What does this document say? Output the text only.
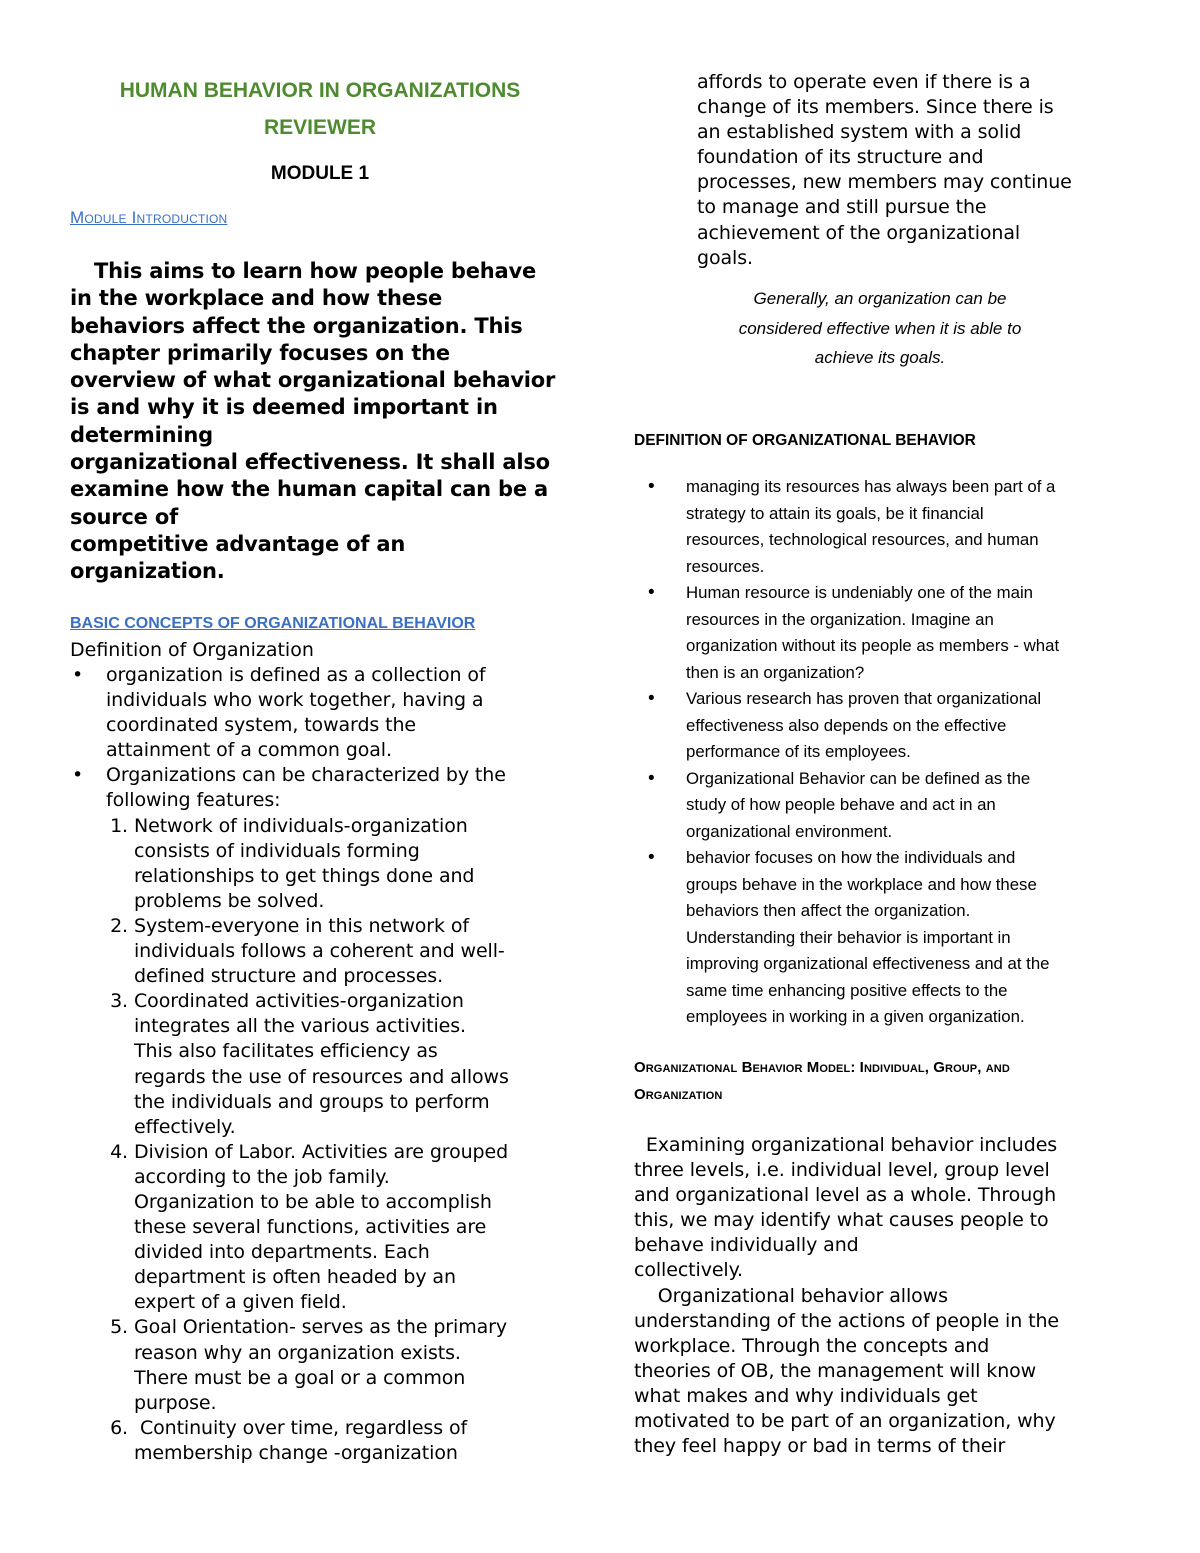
HUMAN BEHAVIOR IN ORGANIZATIONS
REVIEWER
MODULE 1
Module Introduction

This aims to learn how people behave

in the workplace and how these

behaviors affect the organization. This

chapter primarily focuses on the

overview of what organizational behavior

is and why it is deemed important in

determining

organizational effectiveness. It shall also

examine how the human capital can be a

source of

competitive advantage of an

organization.

BASIC CONCEPTS OF ORGANIZATIONAL BEHAVIOR
Definition of Organization
• organization is defined as a collection of
individuals who work together, having a
coordinated system, towards the
attainment of a common goal.
• Organizations can be characterized by the
following features:
1. Network of individuals-organization
consists of individuals forming
relationships to get things done and
problems be solved.
2. System-everyone in this network of
individuals follows a coherent and well-
defined structure and processes.
3. Coordinated activities-organization
integrates all the various activities.
This also facilitates efficiency as
regards the use of resources and allows
the individuals and groups to perform
effectively.
4. Division of Labor. Activities are grouped
according to the job family.
Organization to be able to accomplish
these several functions, activities are
divided into departments. Each
department is often headed by an
expert of a given field.
5. Goal Orientation- serves as the primary
reason why an organization exists.
There must be a goal or a common
purpose.
6. Continuity over time, regardless of
membership change -organization
affords to operate even if there is a
change of its members. Since there is
an established system with a solid
foundation of its structure and
processes, new members may continue
to manage and still pursue the
achievement of the organizational
goals.
Generally, an organization can be
considered effective when it is able to
achieve its goals.
DEFINITION OF ORGANIZATIONAL BEHAVIOR
• managing its resources has always been part of a
strategy to attain its goals, be it financial
resources, technological resources, and human
resources.
• Human resource is undeniably one of the main
resources in the organization. Imagine an
organization without its people as members - what
then is an organization?
• Various research has proven that organizational
effectiveness also depends on the effective
performance of its employees.
• Organizational Behavior can be defined as the
study of how people behave and act in an
organizational environment.
• behavior focuses on how the individuals and
groups behave in the workplace and how these
behaviors then affect the organization.
Understanding their behavior is important in
improving organizational effectiveness and at the
same time enhancing positive effects to the
employees in working in a given organization.
Organizational Behavior Model: Individual, Group, and
Organization
Examining organizational behavior includes
three levels, i.e. individual level, group level
and organizational level as a whole. Through
this, we may identify what causes people to
behave individually and
collectively.
Organizational behavior allows
understanding of the actions of people in the
workplace. Through the concepts and
theories of OB, the management will know
what makes and why individuals get
motivated to be part of an organization, why
they feel happy or bad in terms of their
